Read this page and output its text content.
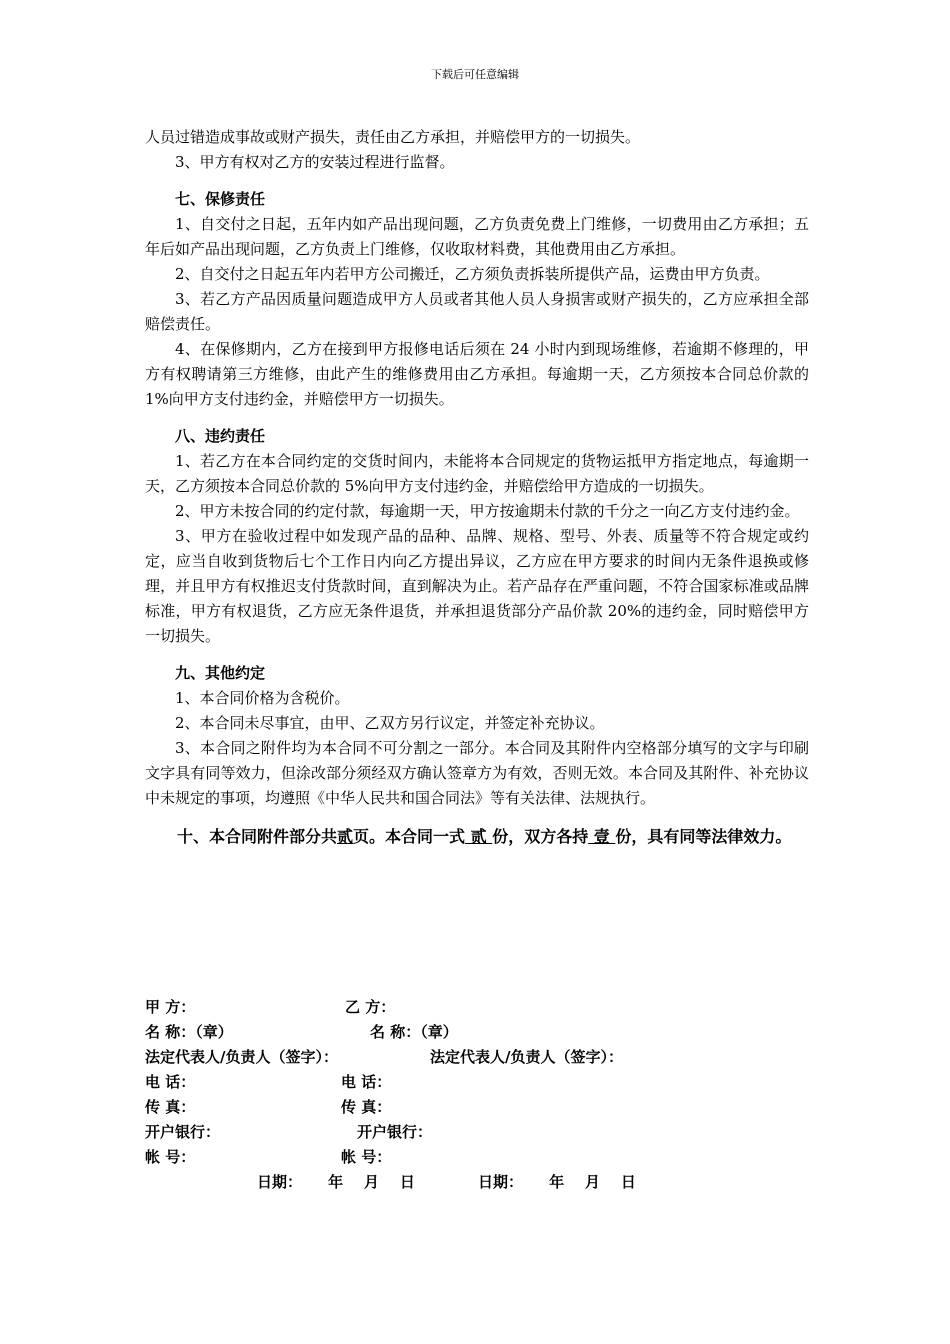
下载后可任意编辑

人员过错造成事故或财产损失，责任由乙方承担，并赔偿甲方的一切损失。

3、甲方有权对乙方的安装过程进行监督。

七、保修责任

1、自交付之日起，五年内如产品出现问题，乙方负责免费上门维修，一切费用由乙方承担；五年后如产品出现问题，乙方负责上门维修，仅收取材料费，其他费用由乙方承担。

2、自交付之日起五年内若甲方公司搬迁，乙方须负责拆装所提供产品，运费由甲方负责。

3、若乙方产品因质量问题造成甲方人员或者其他人员人身损害或财产损失的，乙方应承担全部赔偿责任。

4、在保修期内，乙方在接到甲方报修电话后须在 24 小时内到现场维修，若逾期不修理的，甲方有权聘请第三方维修，由此产生的维修费用由乙方承担。每逾期一天，乙方须按本合同总价款的 1%向甲方支付违约金，并赔偿甲方一切损失。

八、违约责任

1、若乙方在本合同约定的交货时间内，未能将本合同规定的货物运抵甲方指定地点，每逾期一天，乙方须按本合同总价款的 5%向甲方支付违约金，并赔偿给甲方造成的一切损失。

2、甲方未按合同的约定付款，每逾期一天，甲方按逾期未付款的千分之一向乙方支付违约金。

3、甲方在验收过程中如发现产品的品种、品牌、规格、型号、外表、质量等不符合规定或约定，应当自收到货物后七个工作日内向乙方提出异议，乙方应在甲方要求的时间内无条件退换或修理，并且甲方有权推迟支付货款时间，直到解决为止。若产品存在严重问题，不符合国家标准或品牌标准，甲方有权退货，乙方应无条件退货，并承担退货部分产品价款 20%的违约金，同时赔偿甲方一切损失。

九、其他约定

1、本合同价格为含税价。

2、本合同未尽事宜，由甲、乙双方另行议定，并签定补充协议。

3、本合同之附件均为本合同不可分割之一部分。本合同及其附件内空格部分填写的文字与印刷文字具有同等效力，但涂改部分须经双方确认签章方为有效，否则无效。本合同及其附件、补充协议中未规定的事项，均遵照《中华人民共和国合同法》等有关法律、法规执行。

十、本合同附件部分共贰页。本合同一式 贰 份，双方各持 壹 份，具有同等法律效力。

甲 方：	乙 方：
名 称：（章）	名 称：（章）
法定代表人/负责人（签字）：	法定代表人/负责人（签字）：
电 话：	电 话：
传 真：	传 真：
开户银行：	开户银行：
帐 号：	帐 号：
日期：     年    月    日	日期：     年    月    日
